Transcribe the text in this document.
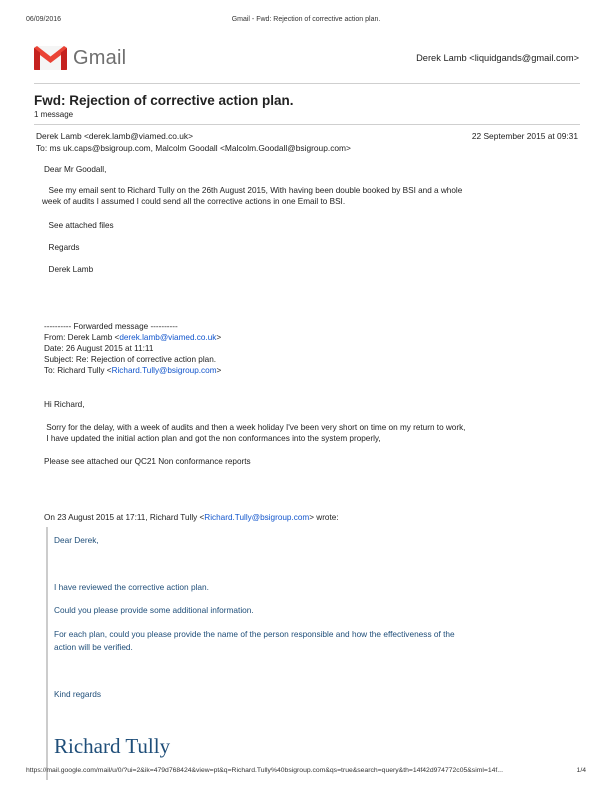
06/09/2016	Gmail - Fwd: Rejection of corrective action plan.
Gmail	Derek Lamb <liquidgands@gmail.com>
Fwd: Rejection of corrective action plan.
1 message
Derek Lamb <derek.lamb@viamed.co.uk>	22 September 2015 at 09:31
To: ms uk.caps@bsigroup.com, Malcolm Goodall <Malcolm.Goodall@bsigroup.com>
Dear Mr Goodall,
See my email sent to Richard Tully on the 26th August 2015, With having been double booked by BSI and a whole
week of audits I assumed I could send all the corrective actions in one Email to BSI.
See attached files
Regards
Derek Lamb
---------- Forwarded message ----------
From: Derek Lamb <derek.lamb@viamed.co.uk>
Date: 26 August 2015 at 11:11
Subject: Re: Rejection of corrective action plan.
To: Richard Tully <Richard.Tully@bsigroup.com>
Hi Richard,
Sorry for the delay, with a week of audits and then a week holiday I've been very short on time on my return to work,
I have updated the initial action plan and got the non conformances into the system properly,
Please see attached our QC21 Non conformance reports
On 23 August 2015 at 17:11, Richard Tully <Richard.Tully@bsigroup.com> wrote:
Dear Derek,
I have reviewed the corrective action plan.
Could you please provide some additional information.
For each plan, could you please provide the name of the person responsible and how the effectiveness of the
action will be verified.
Kind regards
Richard Tully
https://mail.google.com/mail/u/0/?ui=2&ik=479d768424&view=pt&q=Richard.Tully%40bsigroup.com&qs=true&search=query&th=14f42d974772c05&siml=14f...	1/4
